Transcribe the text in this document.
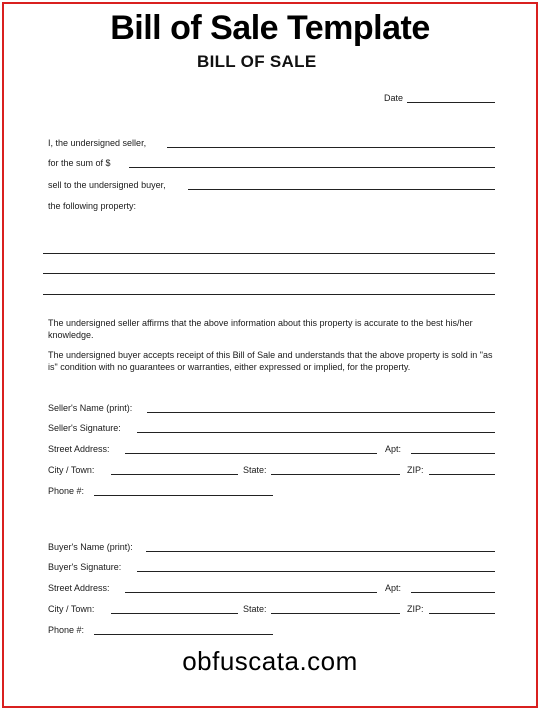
Bill of Sale Template
BILL OF SALE
Date
I, the undersigned seller,
for the sum of $
sell to the undersigned buyer,
the following property:
The undersigned seller affirms that the above information about this property is accurate to the best his/her knowledge.
The undersigned buyer accepts receipt of this Bill of Sale and understands that the above property is sold in "as is" condition with no guarantees or warranties, either expressed or implied, for the property.
Seller's Name (print):
Seller's Signature:
Street Address:	Apt:
City / Town:	State:	ZIP:
Phone #:
Buyer's Name (print):
Buyer's Signature:
Street Address:	Apt:
City / Town:	State:	ZIP:
Phone #:
obfuscata.com
